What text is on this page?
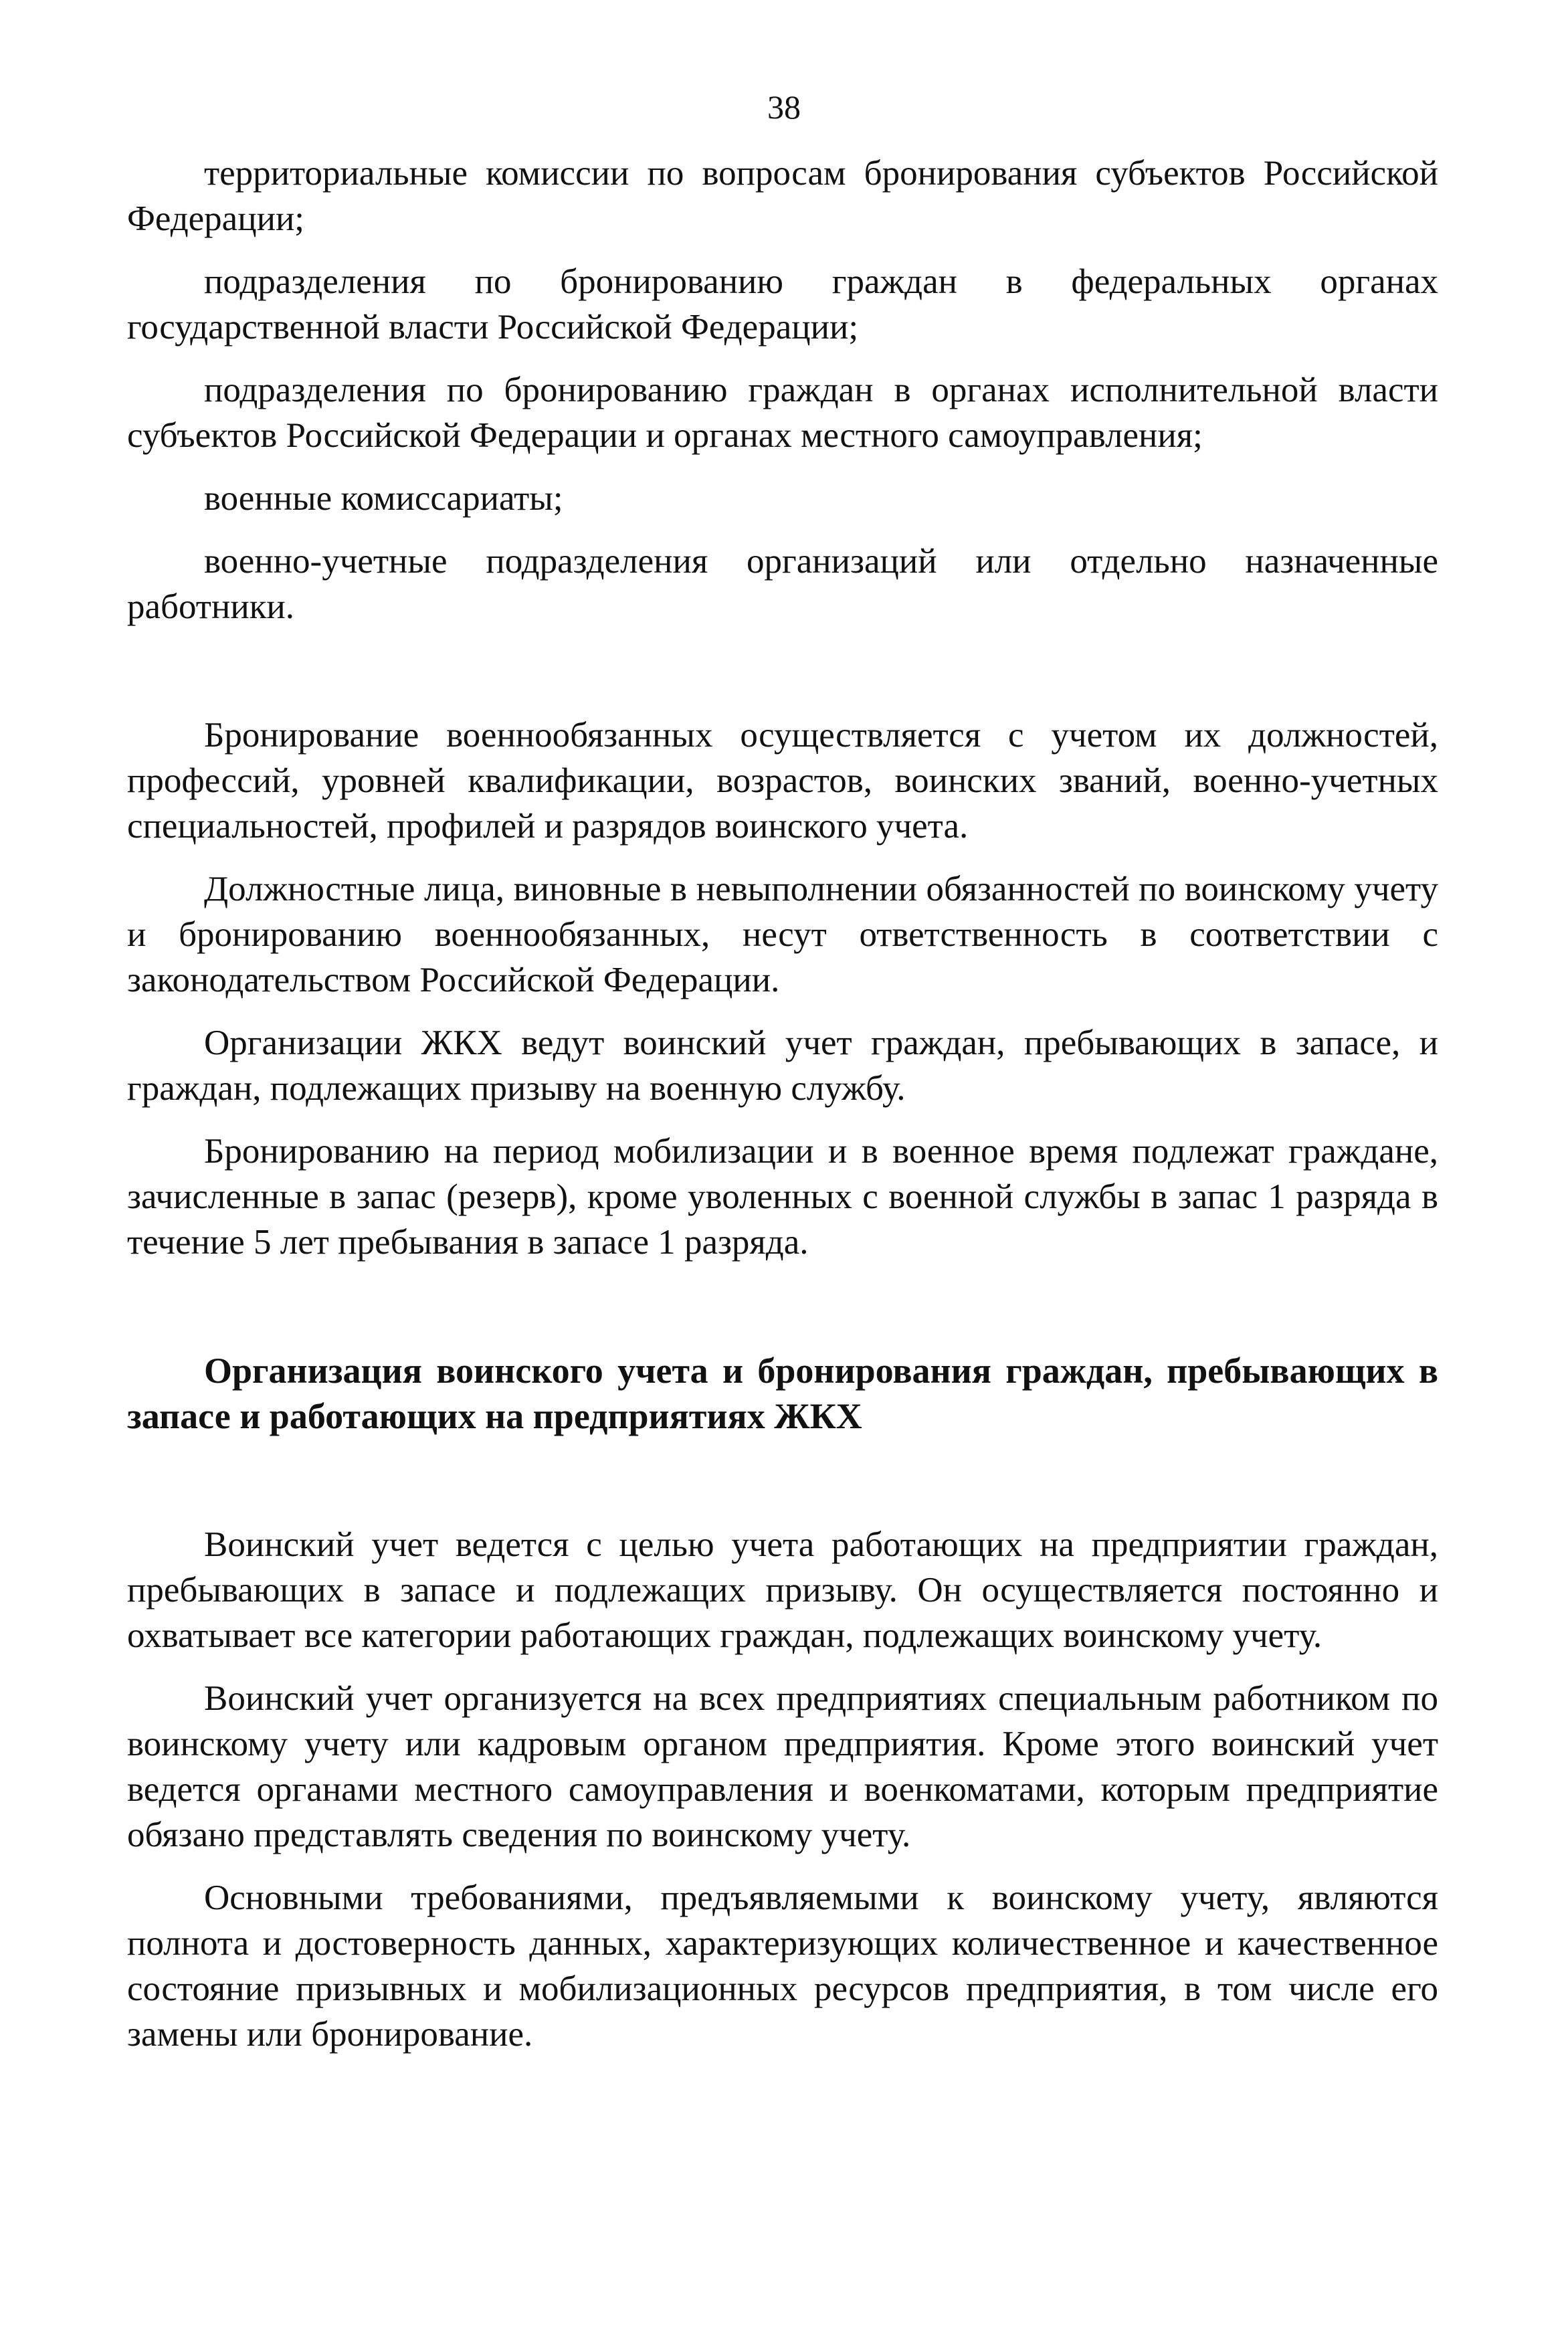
38

территориальные комиссии по вопросам бронирования субъектов Российской Федерации;

подразделения по бронированию граждан в федеральных органах государственной власти Российской Федерации;

подразделения по бронированию граждан в органах исполнительной власти субъектов Российской Федерации и органах местного самоуправления;

военные комиссариаты;

военно-учетные подразделения организаций или отдельно назначенные работники.

Бронирование военнообязанных осуществляется с учетом их должностей, профессий, уровней квалификации, возрастов, воинских званий, военно-учетных специальностей, профилей и разрядов воинского учета.

Должностные лица, виновные в невыполнении обязанностей по воинскому учету и бронированию военнообязанных, несут ответственность в соответствии с законодательством Российской Федерации.

Организации ЖКХ ведут воинский учет граждан, пребывающих в запасе, и граждан, подлежащих призыву на военную службу.

Бронированию на период мобилизации и в военное время подлежат граждане, зачисленные в запас (резерв), кроме уволенных с военной службы в запас 1 разряда в течение 5 лет пребывания в запасе 1 разряда.

Организация воинского учета и бронирования граждан, пребывающих в запасе и работающих на предприятиях ЖКХ

Воинский учет ведется с целью учета работающих на предприятии граждан, пребывающих в запасе и подлежащих призыву. Он осуществляется постоянно и охватывает все категории работающих граждан, подлежащих воинскому учету.

Воинский учет организуется на всех предприятиях специальным работником по воинскому учету или кадровым органом предприятия. Кроме этого воинский учет ведется органами местного самоуправления и военкоматами, которым предприятие обязано представлять сведения по воинскому учету.

Основными требованиями, предъявляемыми к воинскому учету, являются полнота и достоверность данных, характеризующих количественное и качественное состояние призывных и мобилизационных ресурсов предприятия, в том числе его замены или бронирование.
